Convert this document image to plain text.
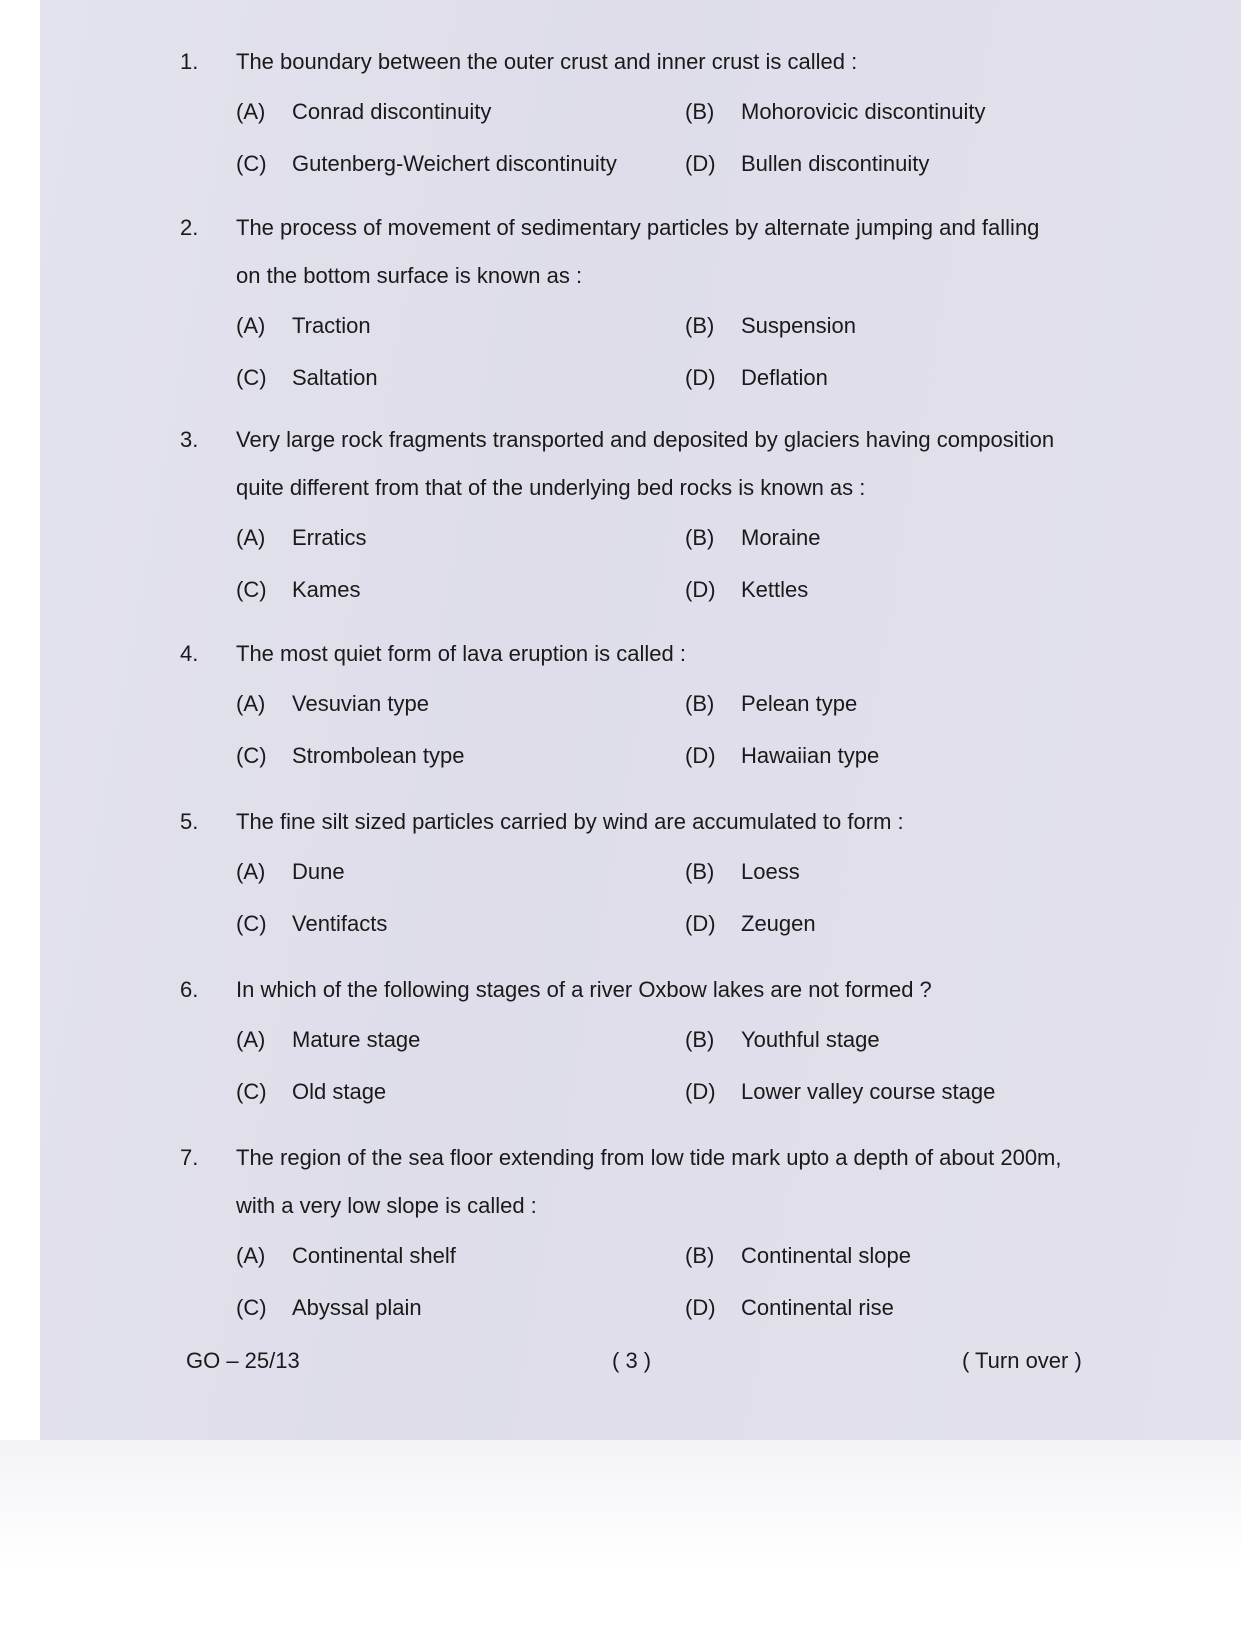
1. The boundary between the outer crust and inner crust is called :
(A) Conrad discontinuity	(B) Mohorovicic discontinuity
(C) Gutenberg-Weichert discontinuity	(D) Bullen discontinuity
2. The process of movement of sedimentary particles by alternate jumping and falling
on the bottom surface is known as :
(A) Traction	(B) Suspension
(C) Saltation	(D) Deflation
3. Very large rock fragments transported and deposited by glaciers having composition
quite different from that of the underlying bed rocks is known as :
(A) Erratics	(B) Moraine
(C) Kames	(D) Kettles
4. The most quiet form of lava eruption is called :
(A) Vesuvian type	(B) Pelean type
(C) Strombolean type	(D) Hawaiian type
5. The fine silt sized particles carried by wind are accumulated to form :
(A) Dune	(B) Loess
(C) Ventifacts	(D) Zeugen
6. In which of the following stages of a river Oxbow lakes are not formed ?
(A) Mature stage	(B) Youthful stage
(C) Old stage	(D) Lower valley course stage
7. The region of the sea floor extending from low tide mark upto a depth of about 200m,
with a very low slope is called :
(A) Continental shelf	(B) Continental slope
(C) Abyssal plain	(D) Continental rise
GO – 25/13	( 3 )	( Turn over )
